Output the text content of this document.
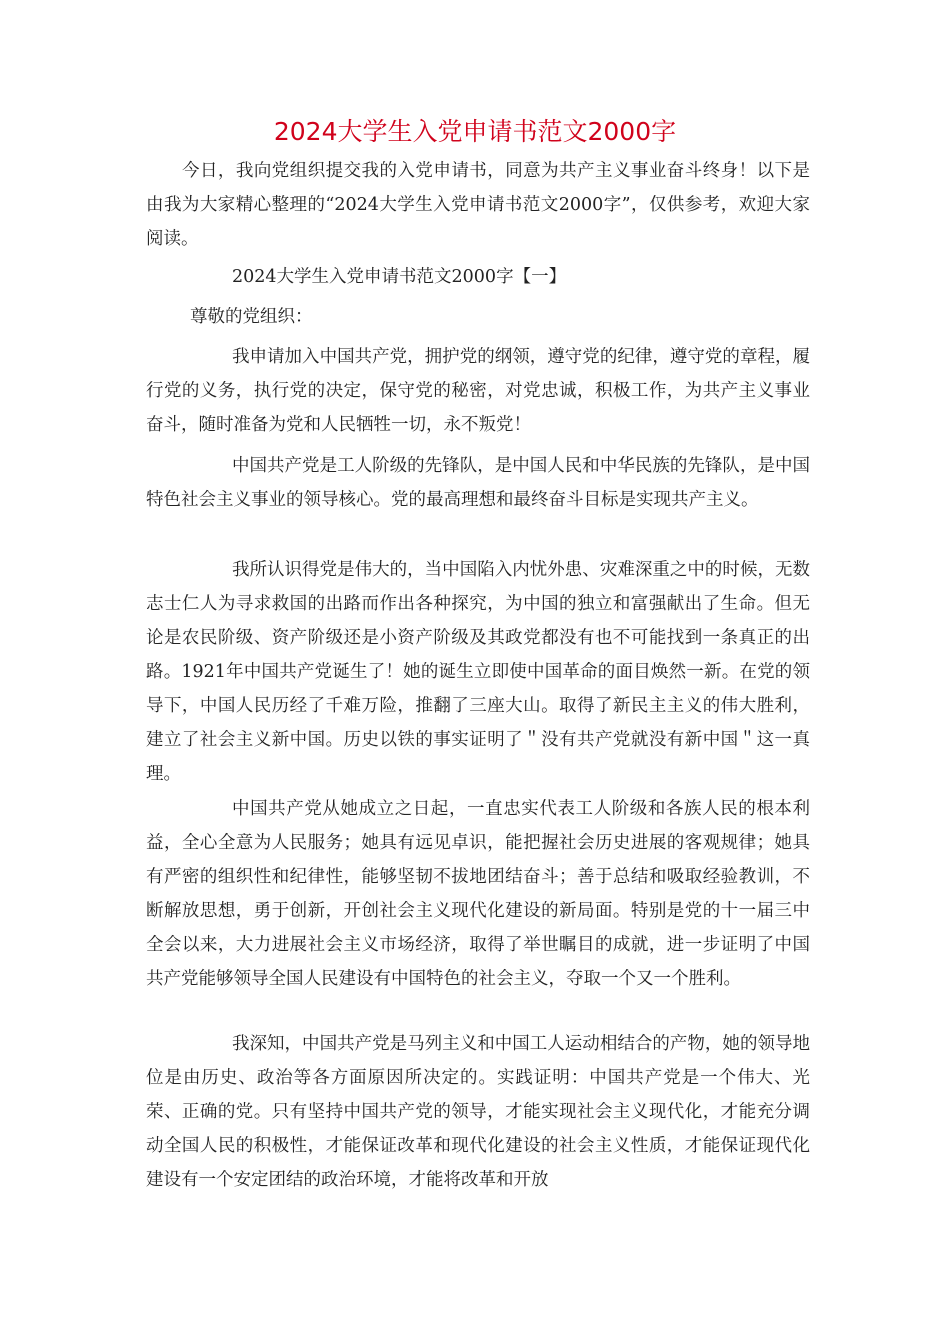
2024大学生入党申请书范文2000字
今日，我向党组织提交我的入党申请书，同意为共产主义事业奋斗终身！以下是由我为大家精心整理的“2024大学生入党申请书范文2000字”，仅供参考，欢迎大家阅读。
2024大学生入党申请书范文2000字【一】
尊敬的党组织：
我申请加入中国共产党，拥护党的纲领，遵守党的纪律，遵守党的章程，履行党的义务，执行党的决定，保守党的秘密，对党忠诚，积极工作，为共产主义事业奋斗，随时准备为党和人民牺牲一切，永不叛党！
中国共产党是工人阶级的先锋队，是中国人民和中华民族的先锋队，是中国特色社会主义事业的领导核心。党的最高理想和最终奋斗目标是实现共产主义。
我所认识得党是伟大的，当中国陷入内忧外患、灾难深重之中的时候，无数志士仁人为寻求救国的出路而作出各种探究，为中国的独立和富强献出了生命。但无论是农民阶级、资产阶级还是小资产阶级及其政党都没有也不可能找到一条真正的出路。1921年中国共产党诞生了！她的诞生立即使中国革命的面目焕然一新。在党的领导下，中国人民历经了千难万险，推翻了三座大山。取得了新民主主义的伟大胜利，建立了社会主义新中国。历史以铁的事实证明了＂没有共产党就没有新中国＂这一真理。
中国共产党从她成立之日起，一直忠实代表工人阶级和各族人民的根本利益，全心全意为人民服务；她具有远见卓识，能把握社会历史进展的客观规律；她具有严密的组织性和纪律性，能够坚韧不拔地团结奋斗；善于总结和吸取经验教训，不断解放思想，勇于创新，开创社会主义现代化建设的新局面。特别是党的十一届三中全会以来，大力进展社会主义市场经济，取得了举世瞩目的成就，进一步证明了中国共产党能够领导全国人民建设有中国特色的社会主义，夺取一个又一个胜利。
我深知，中国共产党是马列主义和中国工人运动相结合的产物，她的领导地位是由历史、政治等各方面原因所决定的。实践证明：中国共产党是一个伟大、光荣、正确的党。只有坚持中国共产党的领导，才能实现社会主义现代化，才能充分调动全国人民的积极性，才能保证改革和现代化建设的社会主义性质，才能保证现代化建设有一个安定团结的政治环境，才能将改革和开放
